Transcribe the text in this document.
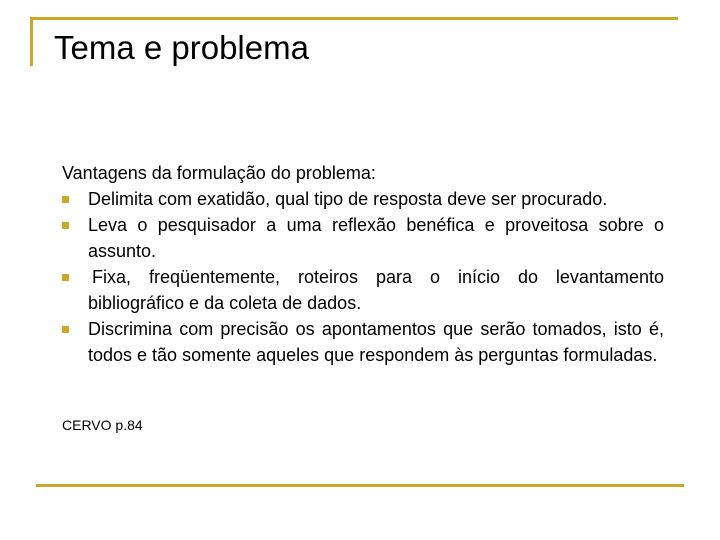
Tema e problema
Vantagens da formulação do problema:
Delimita com exatidão, qual tipo de resposta deve ser procurado.
Leva o pesquisador a uma reflexão benéfica e proveitosa sobre o assunto.
Fixa, freqüentemente, roteiros para o início do levantamento bibliográfico e da coleta de dados.
Discrimina com precisão os apontamentos que serão tomados, isto é, todos e tão somente aqueles que respondem às perguntas formuladas.
CERVO p.84
